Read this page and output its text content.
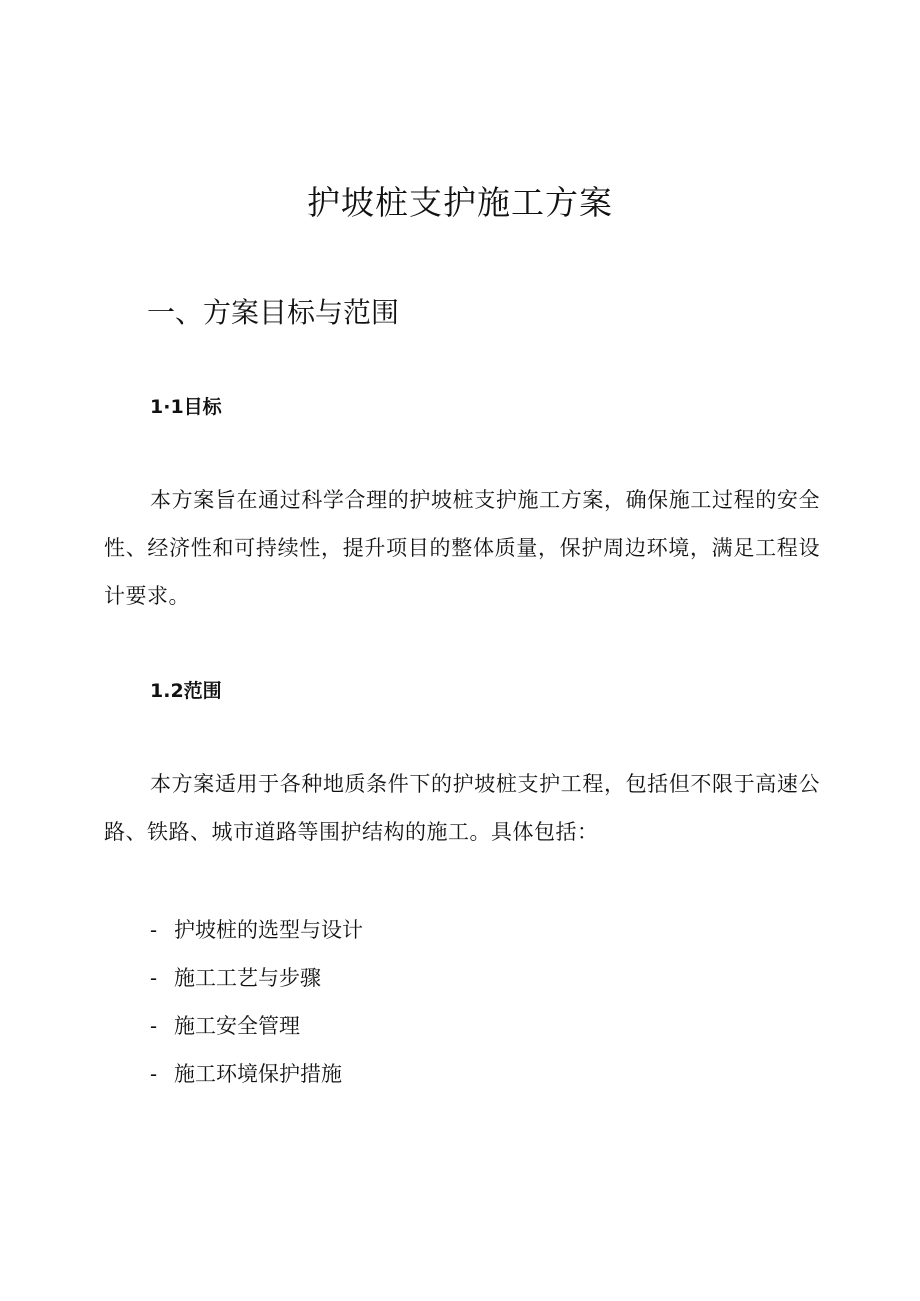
护坡桩支护施工方案
一、方案目标与范围
1·1目标

本方案旨在通过科学合理的护坡桩支护施工方案，确保施工过程的安全性、经济性和可持续性，提升项目的整体质量，保护周边环境，满足工程设计要求。

1.2范围

本方案适用于各种地质条件下的护坡桩支护工程，包括但不限于高速公路、铁路、城市道路等围护结构的施工。具体包括：

- 护坡桩的选型与设计
- 施工工艺与步骤
- 施工安全管理
- 施工环境保护措施
